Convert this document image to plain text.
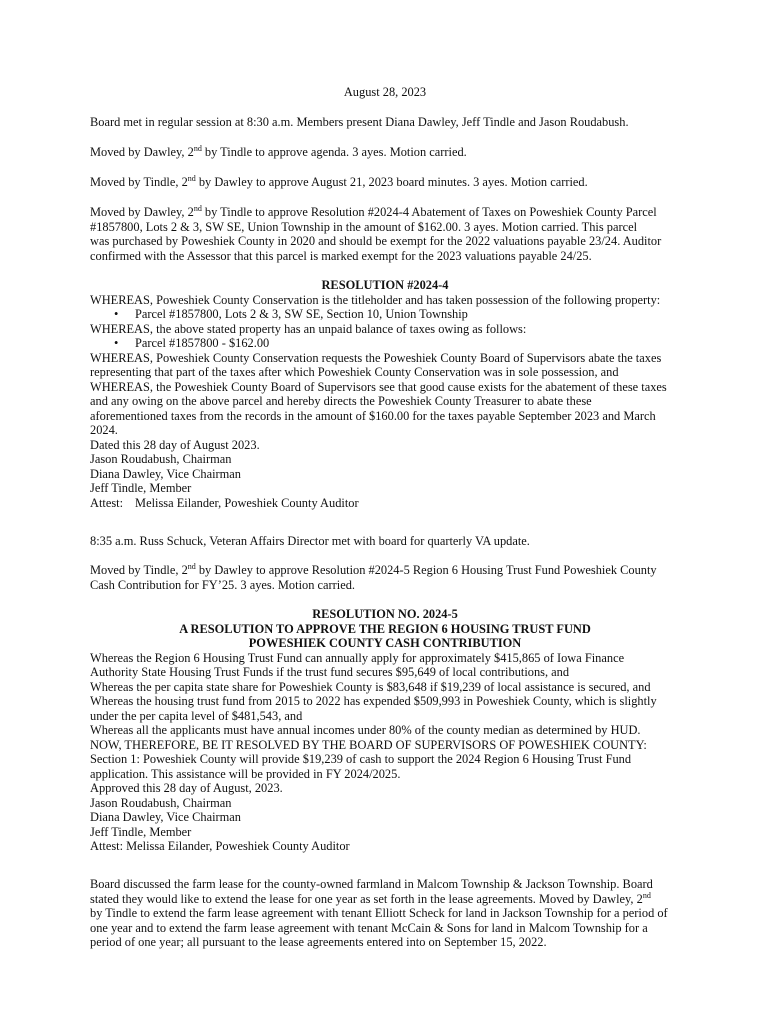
August 28, 2023
Board met in regular session at 8:30 a.m. Members present Diana Dawley, Jeff Tindle and Jason Roudabush.
Moved by Dawley, 2nd by Tindle to approve agenda. 3 ayes. Motion carried.
Moved by Tindle, 2nd by Dawley to approve August 21, 2023 board minutes. 3 ayes. Motion carried.
Moved by Dawley, 2nd by Tindle to approve Resolution #2024-4 Abatement of Taxes on Poweshiek County Parcel
#1857800, Lots 2 & 3, SW SE, Union Township in the amount of $162.00. 3 ayes. Motion carried. This parcel
was purchased by Poweshiek County in 2020 and should be exempt for the 2022 valuations payable 23/24. Auditor
confirmed with the Assessor that this parcel is marked exempt for the 2023 valuations payable 24/25.
RESOLUTION #2024-4
WHEREAS, Poweshiek County Conservation is the titleholder and has taken possession of the following property:
• Parcel #1857800, Lots 2 & 3, SW SE, Section 10, Union Township
WHEREAS, the above stated property has an unpaid balance of taxes owing as follows:
• Parcel #1857800 - $162.00
WHEREAS, Poweshiek County Conservation requests the Poweshiek County Board of Supervisors abate the taxes
representing that part of the taxes after which Poweshiek County Conservation was in sole possession, and
WHEREAS, the Poweshiek County Board of Supervisors see that good cause exists for the abatement of these taxes
and any owing on the above parcel and hereby directs the Poweshiek County Treasurer to abate these
aforementioned taxes from the records in the amount of $160.00 for the taxes payable September 2023 and March
2024.
Dated this 28 day of August 2023.
Jason Roudabush, Chairman
Diana Dawley, Vice Chairman
Jeff Tindle, Member
Attest: Melissa Eilander, Poweshiek County Auditor
8:35 a.m. Russ Schuck, Veteran Affairs Director met with board for quarterly VA update.
Moved by Tindle, 2nd by Dawley to approve Resolution #2024-5 Region 6 Housing Trust Fund Poweshiek County
Cash Contribution for FY’25. 3 ayes. Motion carried.
RESOLUTION NO. 2024-5
A RESOLUTION TO APPROVE THE REGION 6 HOUSING TRUST FUND
POWESHIEK COUNTY CASH CONTRIBUTION
Whereas the Region 6 Housing Trust Fund can annually apply for approximately $415,865 of Iowa Finance
Authority State Housing Trust Funds if the trust fund secures $95,649 of local contributions, and
Whereas the per capita state share for Poweshiek County is $83,648 if $19,239 of local assistance is secured, and
Whereas the housing trust fund from 2015 to 2022 has expended $509,993 in Poweshiek County, which is slightly
under the per capita level of $481,543, and
Whereas all the applicants must have annual incomes under 80% of the county median as determined by HUD.
NOW, THEREFORE, BE IT RESOLVED BY THE BOARD OF SUPERVISORS OF POWESHIEK COUNTY:
Section 1: Poweshiek County will provide $19,239 of cash to support the 2024 Region 6 Housing Trust Fund
application. This assistance will be provided in FY 2024/2025.
Approved this 28 day of August, 2023.
Jason Roudabush, Chairman
Diana Dawley, Vice Chairman
Jeff Tindle, Member
Attest: Melissa Eilander, Poweshiek County Auditor
Board discussed the farm lease for the county-owned farmland in Malcom Township & Jackson Township. Board
stated they would like to extend the lease for one year as set forth in the lease agreements. Moved by Dawley, 2nd
by Tindle to extend the farm lease agreement with tenant Elliott Scheck for land in Jackson Township for a period of
one year and to extend the farm lease agreement with tenant McCain & Sons for land in Malcom Township for a
period of one year; all pursuant to the lease agreements entered into on September 15, 2022.
